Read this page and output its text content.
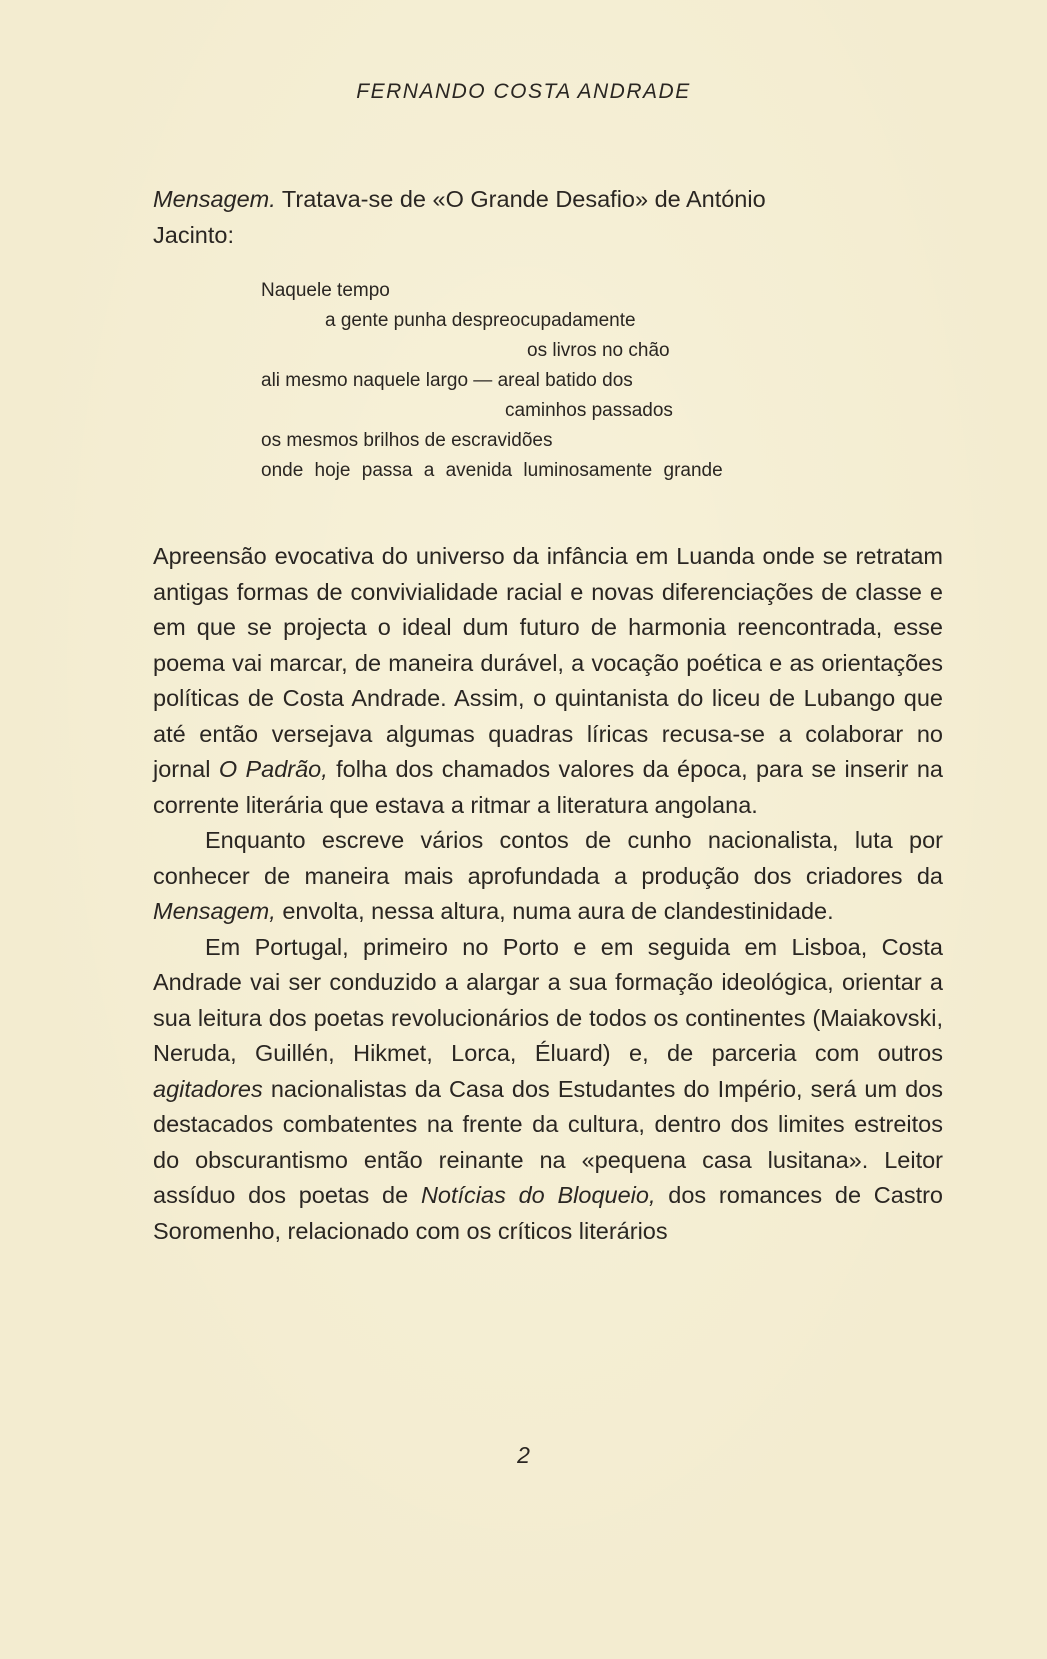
FERNANDO COSTA ANDRADE
Mensagem. Tratava-se de «O Grande Desafio» de António
Jacinto:
Naquele tempo
a gente punha despreocupadamente
os livros no chão
ali mesmo naquele largo — areal batido dos
caminhos passados
os mesmos brilhos de escravidões
onde hoje passa a avenida luminosamente grande

Apreensão evocativa do universo da infância em Luanda onde se retratam antigas formas de convivialidade racial e novas diferenciações de classe e em que se projecta o ideal dum futuro de harmonia reencontrada, esse poema vai marcar, de maneira durável, a vocação poética e as orientações políticas de Costa Andrade. Assim, o quintanista do liceu de Lubango que até então versejava algumas quadras líricas recusa-se a colaborar no jornal O Padrão, folha dos chamados valores da época, para se inserir na corrente literária que estava a ritmar a literatura angolana.

Enquanto escreve vários contos de cunho nacionalista, luta por conhecer de maneira mais aprofundada a produção dos criadores da Mensagem, envolta, nessa altura, numa aura de clandestinidade.

Em Portugal, primeiro no Porto e em seguida em Lisboa, Costa Andrade vai ser conduzido a alargar a sua formação ideológica, orientar a sua leitura dos poetas revolucionários de todos os continentes (Maiakovski, Neruda, Guillén, Hikmet, Lorca, Éluard) e, de parceria com outros agitadores nacionalistas da Casa dos Estudantes do Império, será um dos destacados combatentes na frente da cultura, dentro dos limites estreitos do obscurantismo então reinante na «pequena casa lusitana». Leitor assíduo dos poetas de Notícias do Bloqueio, dos romances de Castro Soromenho, relacionado com os críticos literários

2
